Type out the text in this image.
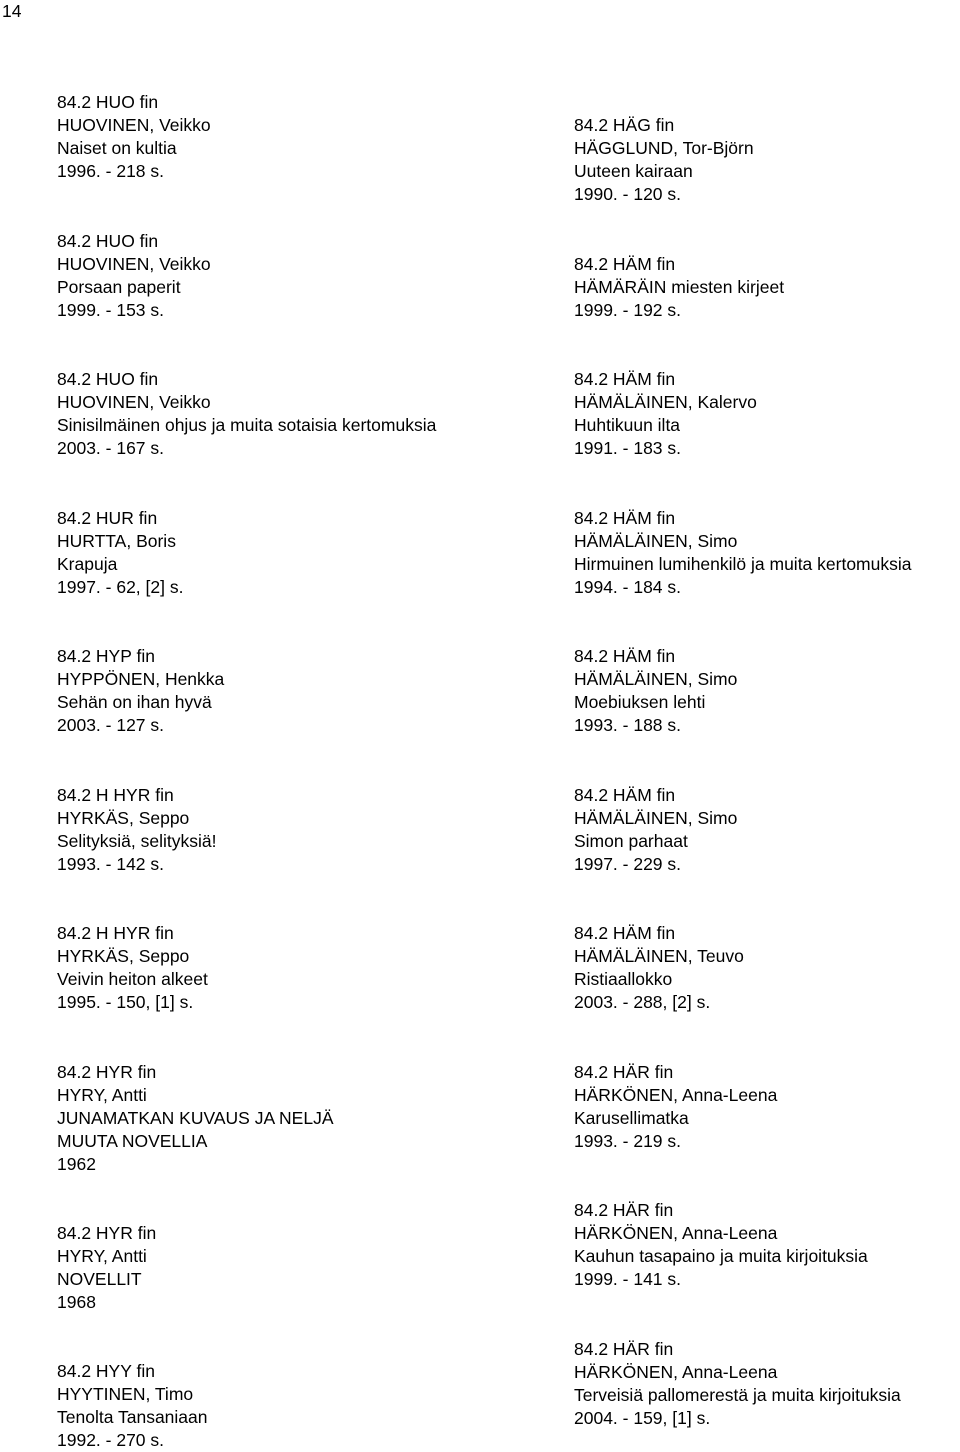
14
84.2 HUO fin
HUOVINEN, Veikko
Naiset on kultia
1996. - 218 s.
84.2 HUO fin
HUOVINEN, Veikko
Porsaan paperit
1999. - 153 s.
84.2 HUO fin
HUOVINEN, Veikko
Sinisilmäinen ohjus ja muita sotaisia kertomuksia
2003. - 167 s.
84.2 HUR fin
HURTTA, Boris
Krapuja
1997. - 62, [2] s.
84.2 HYP fin
HYPPÖNEN, Henkka
Sehän on ihan hyvä
2003. - 127 s.
84.2 H HYR fin
HYRKÄS, Seppo
Selityksiä, selityksiä!
1993. - 142 s.
84.2 H HYR fin
HYRKÄS, Seppo
Veivin heiton alkeet
1995. - 150, [1] s.
84.2 HYR fin
HYRY, Antti
JUNAMATKAN KUVAUS JA NELJÄ
MUUTA NOVELLIA
1962
84.2 HYR fin
HYRY, Antti
NOVELLIT
1968
84.2 HYY fin
HYYTINEN, Timo
Tenolta Tansaniaan
1992. - 270 s.
84.2 HÄG fin
HÄGGLUND, Tor-Björn
Uuteen kairaan
1990. - 120 s.
84.2 HÄM fin
HÄMÄRÄIN miesten kirjeet
1999. - 192 s.
84.2 HÄM fin
HÄMÄLÄINEN, Kalervo
Huhtikuun ilta
1991. - 183 s.
84.2 HÄM fin
HÄMÄLÄINEN, Simo
Hirmuinen lumihenkilö ja muita kertomuksia
1994. - 184 s.
84.2 HÄM fin
HÄMÄLÄINEN, Simo
Moebiuksen lehti
1993. - 188 s.
84.2 HÄM fin
HÄMÄLÄINEN, Simo
Simon parhaat
1997. - 229 s.
84.2 HÄM fin
HÄMÄLÄINEN, Teuvo
Ristiaallokko
2003. - 288, [2] s.
84.2 HÄR fin
HÄRKÖNEN, Anna-Leena
Karusellimatka
1993. - 219 s.
84.2 HÄR fin
HÄRKÖNEN, Anna-Leena
Kauhun tasapaino ja muita kirjoituksia
1999. - 141 s.
84.2 HÄR fin
HÄRKÖNEN, Anna-Leena
Terveisiä pallomerestä ja muita kirjoituksia
2004. - 159, [1] s.
